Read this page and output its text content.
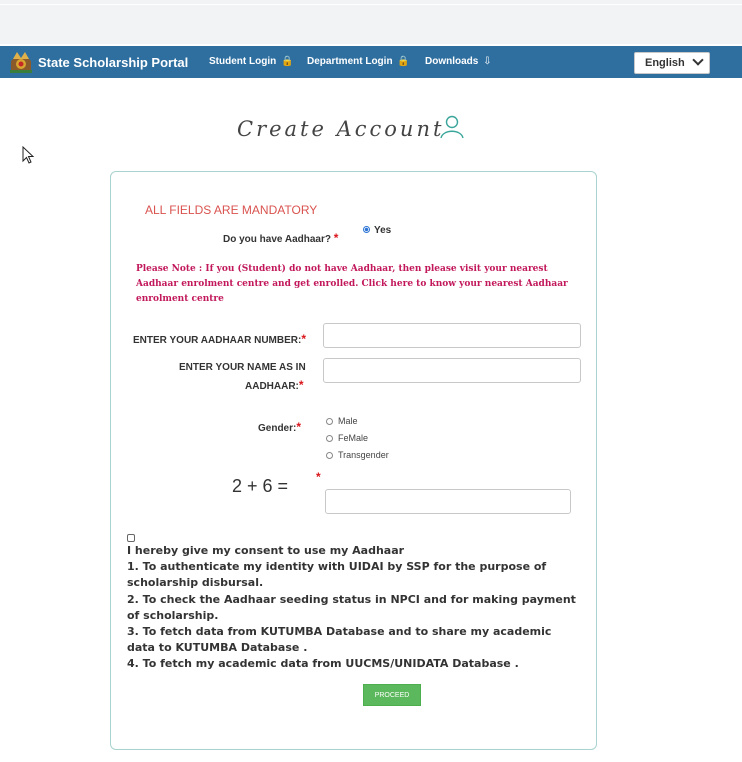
State Scholarship Portal Student Login 🔒 Department Login 🔒 Downloads ⇩	English
Create Account
ALL FIELDS ARE MANDATORY
Do you have Aadhaar? *
Yes
Please Note : If you (Student) do not have Aadhaar, then please visit your nearest Aadhaar enrolment centre and get enrolled. Click here to know your nearest Aadhaar enrolment centre
ENTER YOUR AADHAAR NUMBER:*
ENTER YOUR NAME AS IN
AADHAAR:*
Gender:*	Male
FeMale
Transgender
2 + 6 = *
I hereby give my consent to use my Aadhaar
1. To authenticate my identity with UIDAI by SSP for the purpose of scholarship disbursal.
2. To check the Aadhaar seeding status in NPCI and for making payment of scholarship.
3. To fetch data from KUTUMBA Database and to share my academic data to KUTUMBA Database .
4. To fetch my academic data from UUCMS/UNIDATA Database .
PROCEED
